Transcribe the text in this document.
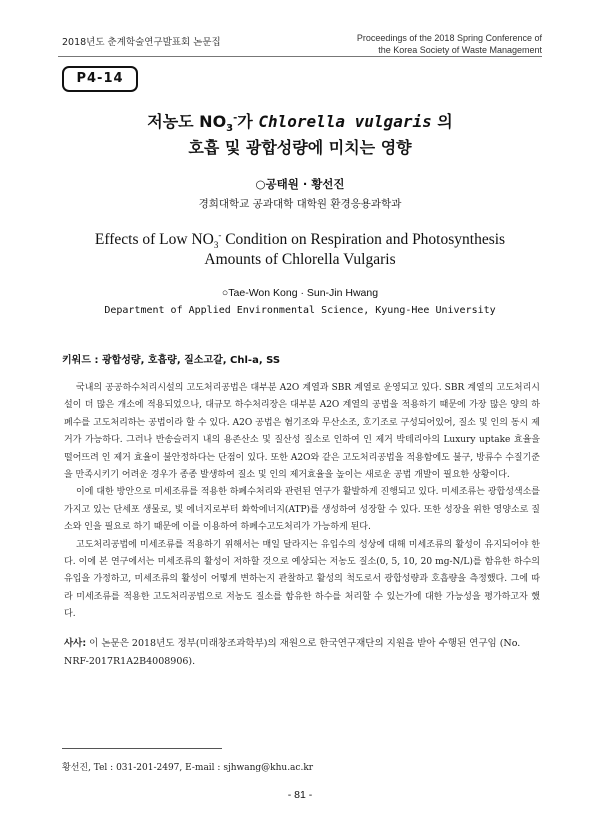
2018년도 춘계학술연구발표회 논문집	Proceedings of the 2018 Spring Conference of
the Korea Society of Waste Management
P4-14
저농도 $NO_3^-$가 Chlorella vulgaris 의
호흡 및 광합성량에 미치는 영향
○공태원 · 황선진
경희대학교 공과대학 대학원 환경응용과학과
Effects of Low $NO_3^-$ Condition on Respiration and Photosynthesis
Amounts of Chlorella Vulgaris
○Tae-Won Kong · Sun-Jin Hwang
Department of Applied Environmental Science, Kyung-Hee University
키워드 : 광합성량, 호흡량, 질소고갈, Chl-a, SS

국내의 공공하수처리시설의 고도처리공법은 대부분 A2O 계열과 SBR 계열로 운영되고 있다. SBR 계열의 고도처리시설이 더 많은 개소에 적용되었으나, 대규모 하수처리장은 대부분 A2O 계열의 공법을 적용하기 때문에 가장 많은 양의 하폐수를 고도처리하는 공법이라 할 수 있다. A2O 공법은 혐기조와 무산소조, 호기조로 구성되어있어, 질소 및 인의 동시 제거가 가능하다. 그러나 반송슬러지 내의 용존산소 및 질산성 질소로 인하여 인 제거 박테리아의 Luxury uptake 효율을 떨어뜨려 인 제거 효율이 불안정하다는 단점이 있다. 또한 A2O와 같은 고도처리공법을 적용함에도 불구, 방류수 수질기준을 만족시키기 어려운 경우가 종종 발생하여 질소 및 인의 제거효율을 높이는 새로운 공법 개발이 필요한 상황이다.

이에 대한 방안으로 미세조류를 적용한 하폐수처리와 관련된 연구가 활발하게 진행되고 있다. 미세조류는 광합성색소를 가지고 있는 단세포 생물로, 빛 에너지로부터 화학에너지(ATP)를 생성하여 성장할 수 있다. 또한 성장을 위한 영양소로 질소와 인을 필요로 하기 때문에 이를 이용하여 하폐수고도처리가 가능하게 된다.

고도처리공법에 미세조류를 적용하기 위해서는 매일 달라지는 유입수의 성상에 대해 미세조류의 활성이 유지되어야 한다. 이에 본 연구에서는 미세조류의 활성이 저하할 것으로 예상되는 저농도 질소(0, 5, 10, 20 mg-N/L)를 함유한 하수의 유입을 가정하고, 미세조류의 활성이 어떻게 변하는지 관찰하고 활성의 척도로서 광합성량과 호흡량을 측정했다. 그에 따라 미세조류를 적용한 고도처리공법으로 저농도 질소를 함유한 하수를 처리할 수 있는가에 대한 가능성을 평가하고자 했다.

사사: 이 논문은 2018년도 정부(미래창조과학부)의 재원으로 한국연구재단의 지원을 받아 수행된 연구임 (No. NRF-2017R1A2B4008906).
황선진, Tel : 031-201-2497, E-mail : sjhwang@khu.ac.kr
- 81 -
